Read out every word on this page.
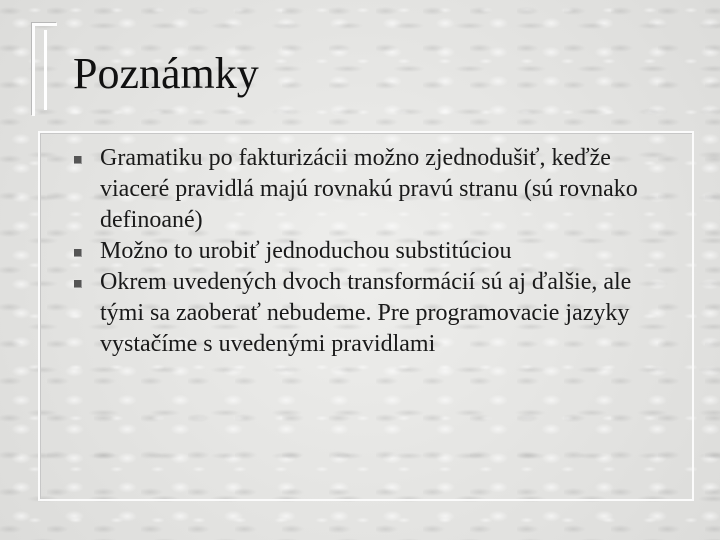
Poznámky
Gramatiku po fakturizácii možno zjednodušiť, keďže viaceré pravidlá majú rovnakú pravú stranu (sú rovnako definoané)
Možno to urobiť jednoduchou substitúciou
Okrem uvedených dvoch transformácií sú aj ďalšie, ale tými sa zaoberať nebudeme. Pre programovacie jazyky vystačíme s uvedenými pravidlami
